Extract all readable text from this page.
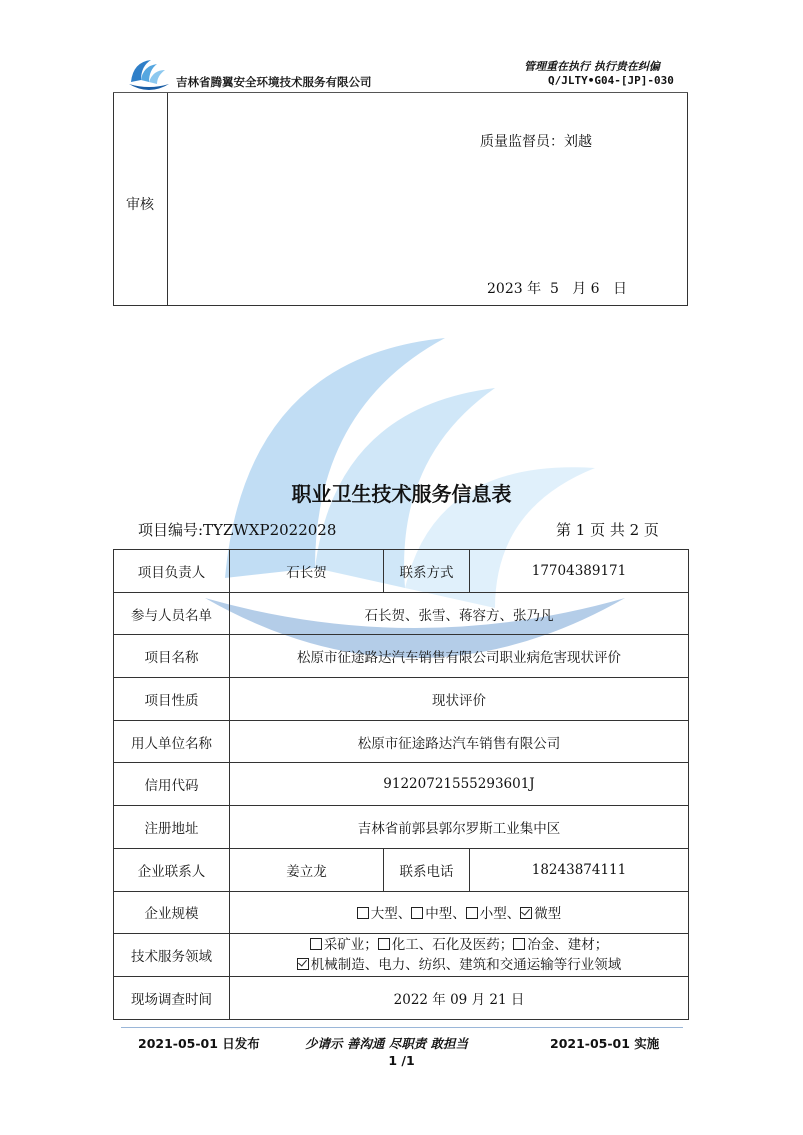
吉林省腾翼安全环境技术服务有限公司
管理重在执行 执行贵在纠偏
Q/JLTY•G04-[JP]-030
审核
质量监督员：刘越
2023 年  5   月 6   日
职业卫生技术服务信息表
项目编号:TYZWXP2022028	第 1 页 共 2 页
项目负责人	石长贺	联系方式	17704389171
参与人员名单	石长贺、张雪、蒋容方、张乃凡		
项目名称	松原市征途路达汽车销售有限公司职业病危害现状评价		
项目性质	现状评价		
用人单位名称	松原市征途路达汽车销售有限公司		
信用代码	91220721555293601J		
注册地址	吉林省前郭县郭尔罗斯工业集中区		
企业联系人	姜立龙	联系电话	18243874111
企业规模	大型、 中型、 小型、 微型		
技术服务领域	采矿业； 化工、石化及医药； 冶金、建材；
机械制造、电力、纺织、建筑和交通运输等行业领域		

现场调查时间	2022 年 09 月 21 日		
2021-05-01 日发布	少请示 善沟通 尽职责 敢担当	2021-05-01 实施
1 /1
